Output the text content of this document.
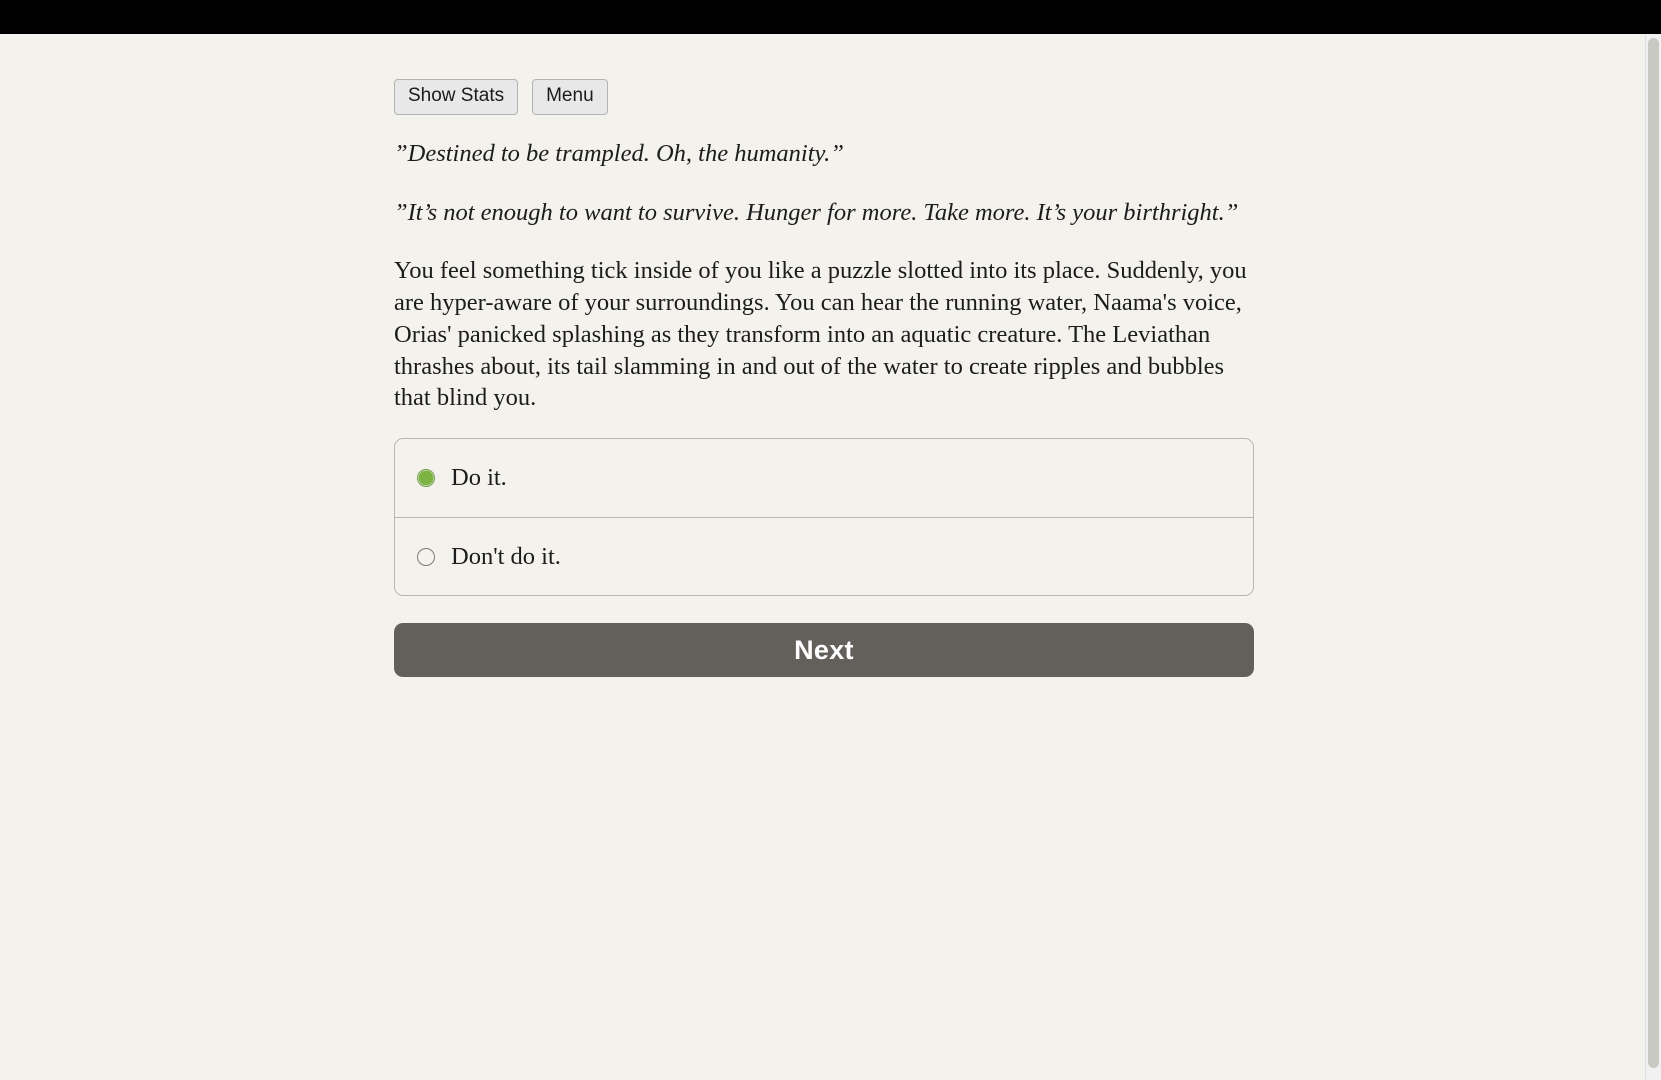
Show Stats	Menu

”Destined to be trampled. Oh, the humanity.”

”It’s not enough to want to survive. Hunger for more. Take more. It’s your birthright.”

You feel something tick inside of you like a puzzle slotted into its place. Suddenly, you are hyper-aware of your surroundings. You can hear the running water, Naama's voice, Orias' panicked splashing as they transform into an aquatic creature. The Leviathan thrashes about, its tail slamming in and out of the water to create ripples and bubbles that blind you.

Do it.
Don't do it.
Next
